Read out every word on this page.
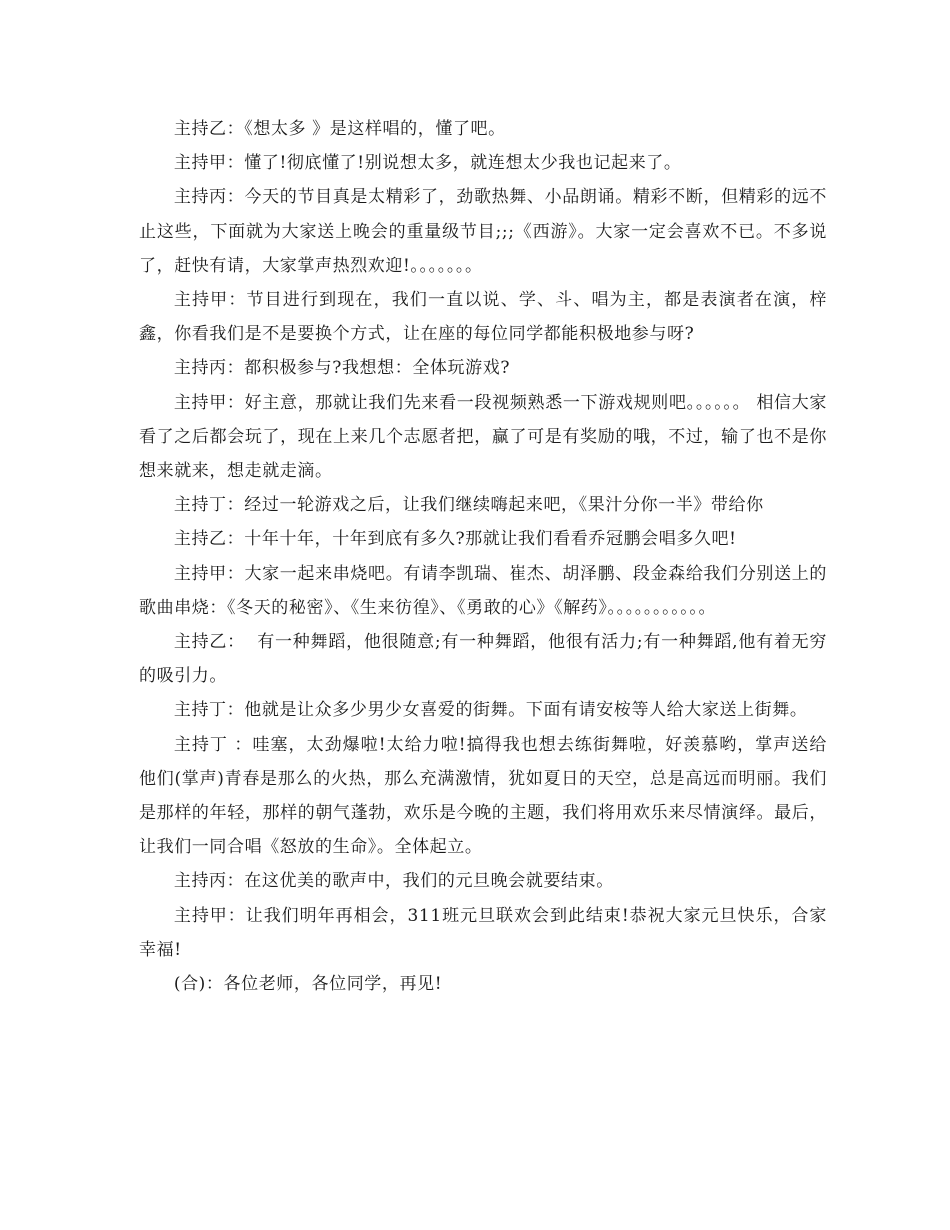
主持乙：《想太多 》是这样唱的，懂了吧。

主持甲：懂了!彻底懂了!别说想太多，就连想太少我也记起来了。

主持丙：今天的节目真是太精彩了，劲歌热舞、小品朗诵。精彩不断，但精彩的远不止这些，下面就为大家送上晚会的重量级节目;;;《西游》。大家一定会喜欢不已。不多说了，赶快有请，大家掌声热烈欢迎!。。。。。。。

主持甲：节目进行到现在，我们一直以说、学、斗、唱为主，都是表演者在演，梓鑫，你看我们是不是要换个方式，让在座的每位同学都能积极地参与呀?

主持丙：都积极参与?我想想：全体玩游戏?

主持甲：好主意，那就让我们先来看一段视频熟悉一下游戏规则吧。。。。。。 相信大家看了之后都会玩了，现在上来几个志愿者把，赢了可是有奖励的哦，不过，输了也不是你想来就来，想走就走滴。

主持丁：经过一轮游戏之后，让我们继续嗨起来吧，《果汁分你一半》带给你

主持乙：十年十年，十年到底有多久?那就让我们看看乔冠鹏会唱多久吧!

主持甲：大家一起来串烧吧。有请李凯瑞、崔杰、胡泽鹏、段金森给我们分别送上的歌曲串烧：《冬天的秘密》、《生来彷徨》、《勇敢的心》《解药》。。。。。。。。。。。

主持乙：  有一种舞蹈，他很随意;有一种舞蹈，他很有活力;有一种舞蹈,他有着无穷的吸引力。

主持丁：他就是让众多少男少女喜爱的街舞。下面有请安桉等人给大家送上街舞。

主持丁 ：哇塞，太劲爆啦!太给力啦!搞得我也想去练街舞啦，好羡慕哟，掌声送给他们(掌声)青春是那么的火热，那么充满激情，犹如夏日的天空，总是高远而明丽。我们是那样的年轻，那样的朝气蓬勃，欢乐是今晚的主题，我们将用欢乐来尽情演绎。最后，让我们一同合唱《怒放的生命》。全体起立。

主持丙：在这优美的歌声中，我们的元旦晚会就要结束。

主持甲：让我们明年再相会，311班元旦联欢会到此结束!恭祝大家元旦快乐，合家幸福!

(合)：各位老师，各位同学，再见!
